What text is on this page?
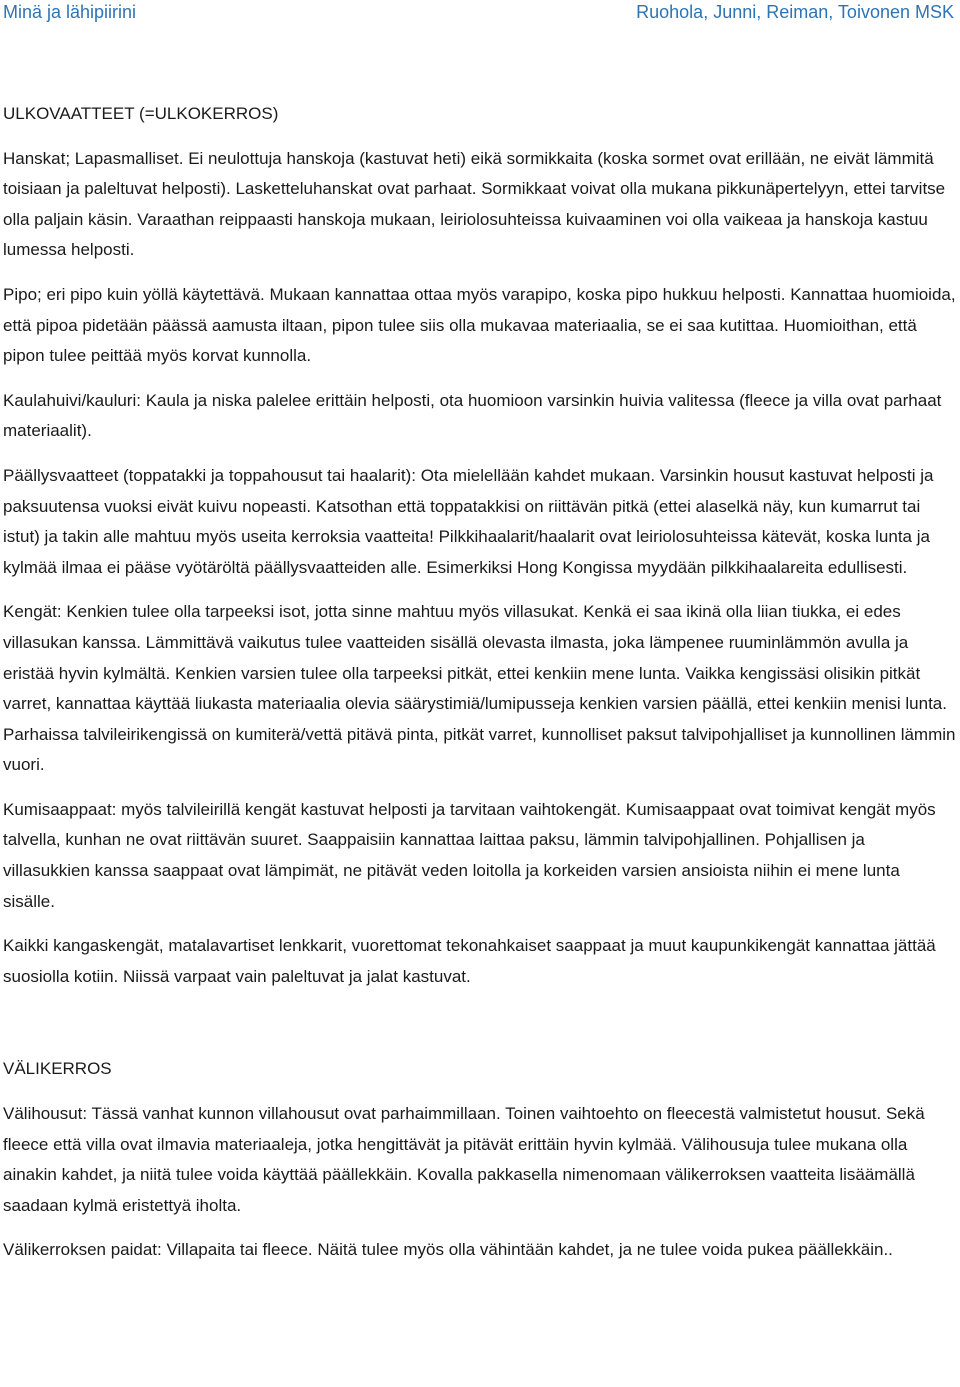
Minä ja lähipiirini	Ruohola, Junni, Reiman, Toivonen MSK
ULKOVAATTEET (=ULKOKERROS)

Hanskat; Lapasmalliset. Ei neulottuja hanskoja (kastuvat heti) eikä sormikkaita (koska sormet ovat erillään, ne eivät lämmitä toisiaan ja paleltuvat helposti). Lasketteluhanskat ovat parhaat. Sormikkaat voivat olla mukana pikkunäpertelyyn, ettei tarvitse olla paljain käsin. Varaathan reippaasti hanskoja mukaan, leiriolosuhteissa kuivaaminen voi olla vaikeaa ja hanskoja kastuu lumessa helposti.

Pipo; eri pipo kuin yöllä käytettävä. Mukaan kannattaa ottaa myös varapipo, koska pipo hukkuu helposti. Kannattaa huomioida, että pipoa pidetään päässä aamusta iltaan, pipon tulee siis olla mukavaa materiaalia, se ei saa kutittaa. Huomioithan, että pipon tulee peittää myös korvat kunnolla.

Kaulahuivi/kauluri: Kaula ja niska palelee erittäin helposti, ota huomioon varsinkin huivia valitessa (fleece ja villa ovat parhaat materiaalit).

Päällysvaatteet (toppatakki ja toppahousut tai haalarit): Ota mielellään kahdet mukaan. Varsinkin housut kastuvat helposti ja paksuutensa vuoksi eivät kuivu nopeasti. Katsothan että toppatakkisi on riittävän pitkä (ettei alaselkä näy, kun kumarrut tai istut) ja takin alle mahtuu myös useita kerroksia vaatteita! Pilkkihaalarit/haalarit ovat leiriolosuhteissa kätevät, koska lunta ja kylmää ilmaa ei pääse vyötäröltä päällysvaatteiden alle. Esimerkiksi Hong Kongissa myydään pilkkihaalareita edullisesti.

Kengät: Kenkien tulee olla tarpeeksi isot, jotta sinne mahtuu myös villasukat. Kenkä ei saa ikinä olla liian tiukka, ei edes villasukan kanssa. Lämmittävä vaikutus tulee vaatteiden sisällä olevasta ilmasta, joka lämpenee ruuminlämmön avulla ja eristää hyvin kylmältä. Kenkien varsien tulee olla tarpeeksi pitkät, ettei kenkiin mene lunta. Vaikka kengissäsi olisikin pitkät varret, kannattaa käyttää liukasta materiaalia olevia säärystimiä/lumipusseja kenkien varsien päällä, ettei kenkiin menisi lunta. Parhaissa talvileirikengissä on kumiterä/vettä pitävä pinta, pitkät varret, kunnolliset paksut talvipohjalliset ja kunnollinen lämmin vuori.

Kumisaappaat: myös talvileirillä kengät kastuvat helposti ja tarvitaan vaihtokengät. Kumisaappaat ovat toimivat kengät myös talvella, kunhan ne ovat riittävän suuret. Saappaisiin kannattaa laittaa paksu, lämmin talvipohjallinen. Pohjallisen ja villasukkien kanssa saappaat ovat lämpimät, ne pitävät veden loitolla ja korkeiden varsien ansioista niihin ei mene lunta sisälle.

Kaikki kangaskengät, matalavartiset lenkkarit, vuorettomat tekonahkaiset saappaat ja muut kaupunkikengät kannattaa jättää suosiolla kotiin. Niissä varpaat vain paleltuvat ja jalat kastuvat.

VÄLIKERROS

Välihousut: Tässä vanhat kunnon villahousut ovat parhaimmillaan. Toinen vaihtoehto on fleecestä valmistetut housut. Sekä fleece että villa ovat ilmavia materiaaleja, jotka hengittävät ja pitävät erittäin hyvin kylmää. Välihousuja tulee mukana olla ainakin kahdet, ja niitä tulee voida käyttää päällekkäin. Kovalla pakkasella nimenomaan välikerroksen vaatteita lisäämällä saadaan kylmä eristettyä iholta.

Välikerroksen paidat: Villapaita tai fleece. Näitä tulee myös olla vähintään kahdet, ja ne tulee voida pukea päällekkäin..
